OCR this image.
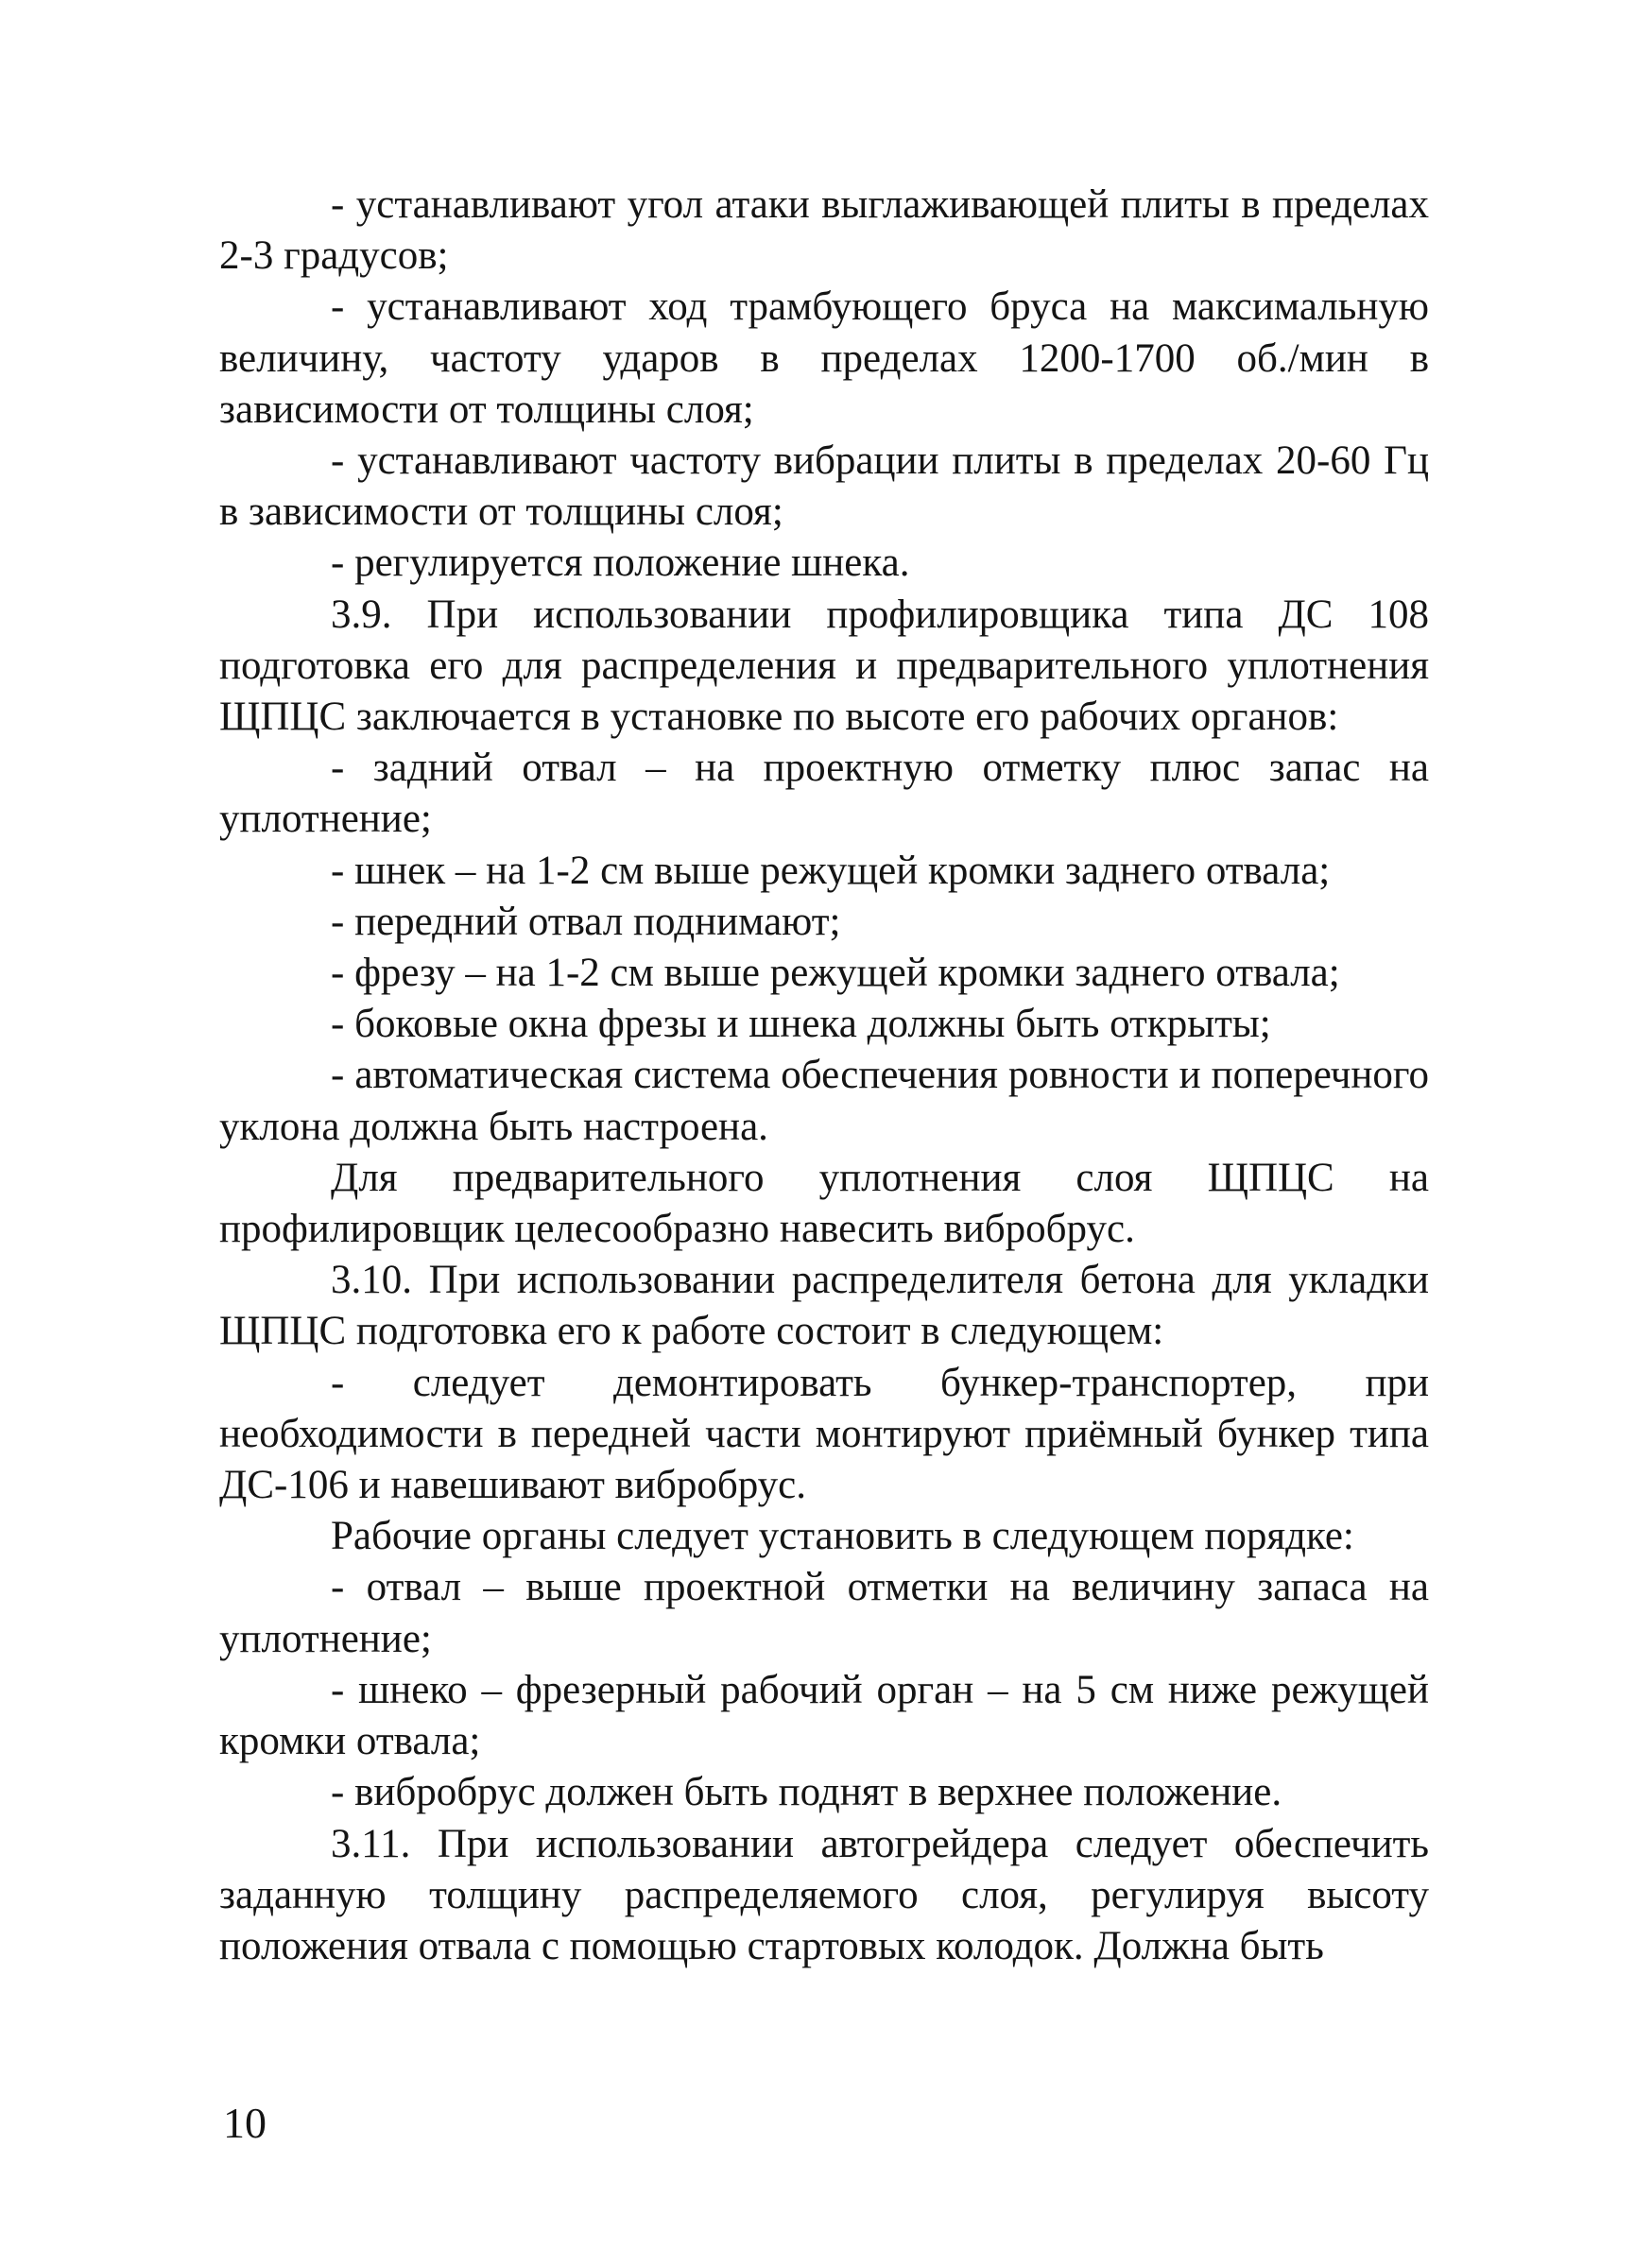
- устанавливают угол атаки выглаживающей плиты в пределах 2-3 градусов;

- устанавливают ход трамбующего бруса на максимальную величину, частоту ударов в пределах 1200-1700 об./мин в зависимости от толщины слоя;

- устанавливают частоту вибрации плиты в пределах 20-60 Гц в зависимости от толщины слоя;

- регулируется положение шнека.

3.9. При использовании профилировщика типа ДС 108 подготовка его для распределения и предварительного уплотнения ЩПЦС заключается в установке по высоте его рабочих органов:

- задний отвал – на проектную отметку плюс запас на уплотнение;

- шнек – на 1-2 см выше режущей кромки заднего отвала;

- передний отвал поднимают;

- фрезу – на 1-2 см выше режущей кромки заднего отвала;

- боковые окна фрезы и шнека должны быть открыты;

- автоматическая система обеспечения ровности и поперечного уклона должна быть настроена.

Для предварительного уплотнения слоя ЩПЦС на профилировщик целесообразно навесить вибробрус.

3.10. При использовании распределителя бетона для укладки ЩПЦС подготовка его к работе состоит в следующем:

- следует демонтировать бункер-транспортер, при необходимости в передней части монтируют приёмный бункер типа ДС-106 и навешивают вибробрус.

Рабочие органы следует установить в следующем порядке:

- отвал – выше проектной отметки на величину запаса на уплотнение;

- шнеко – фрезерный рабочий орган – на 5 см ниже режущей кромки отвала;

- вибробрус должен быть поднят в верхнее положение.

3.11. При использовании автогрейдера следует обеспечить заданную толщину распределяемого слоя, регулируя высоту положения отвала с помощью стартовых колодок. Должна быть

10
